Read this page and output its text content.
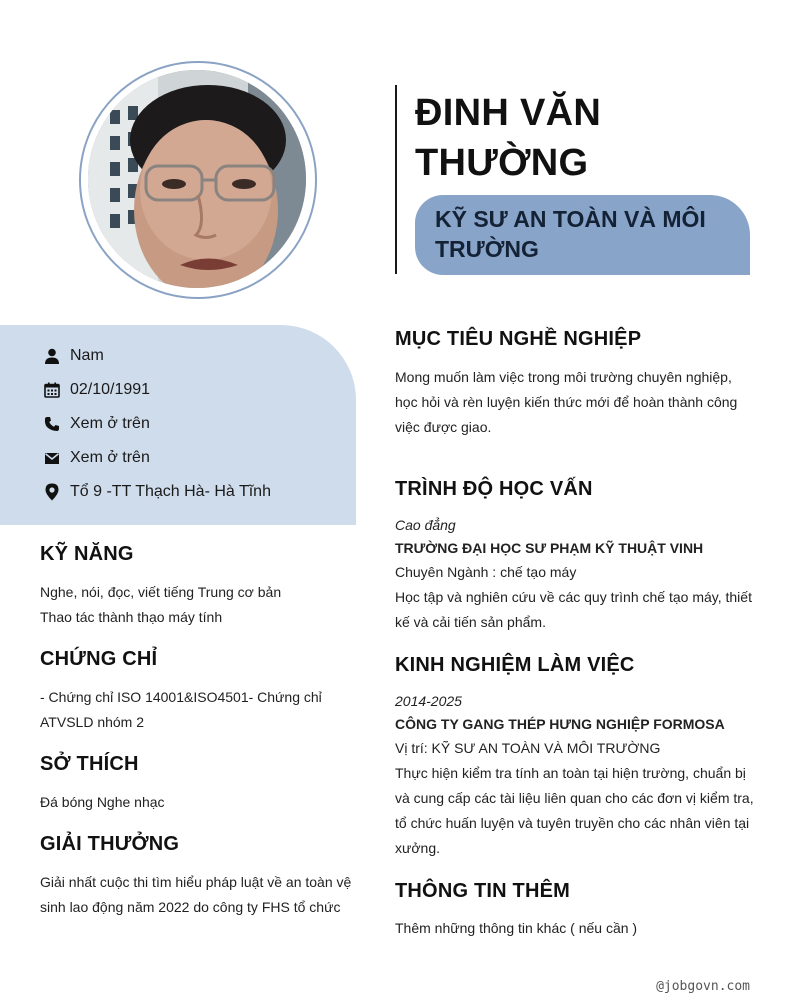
ĐINH VĂN
THƯỜNG
KỸ SƯ AN TOÀN VÀ MÔI
TRƯỜNG
Nam
02/10/1991
Xem ở trên
Xem ở trên
Tổ 9 -TT Thạch Hà- Hà Tĩnh
KỸ NĂNG
Nghe, nói, đọc, viết tiếng Trung cơ bản
Thao tác thành thạo máy tính
CHỨNG CHỈ
- Chứng chỉ ISO 14001&ISO4501- Chứng chỉ
ATVSLD nhóm 2
SỞ THÍCH
Đá bóng Nghe nhạc
GIẢI THƯỞNG
Giải nhất cuộc thi tìm hiểu pháp luật về an toàn vệ
sinh lao động năm 2022 do công ty FHS tổ chức
MỤC TIÊU NGHỀ NGHIỆP
Mong muốn làm việc trong môi trường chuyên nghiệp,
học hỏi và rèn luyện kiến thức mới để hoàn thành công
việc được giao.
TRÌNH ĐỘ HỌC VẤN
Cao đẳng
TRƯỜNG ĐẠI HỌC SƯ PHẠM KỸ THUẬT VINH
Chuyên Ngành : chế tạo máy
Học tập và nghiên cứu về các quy trình chế tạo máy, thiết
kế và cải tiến sản phẩm.
KINH NGHIỆM LÀM VIỆC
2014-2025
CÔNG TY GANG THÉP HƯNG NGHIỆP FORMOSA
Vị trí: KỸ SƯ AN TOÀN VÀ MÔI TRƯỜNG
Thực hiện kiểm tra tính an toàn tại hiện trường, chuẩn bị
và cung cấp các tài liệu liên quan cho các đơn vị kiểm tra,
tổ chức huấn luyện và tuyên truyền cho các nhân viên tại
xưởng.
THÔNG TIN THÊM
Thêm những thông tin khác ( nếu cần )
@jobgovn.com
